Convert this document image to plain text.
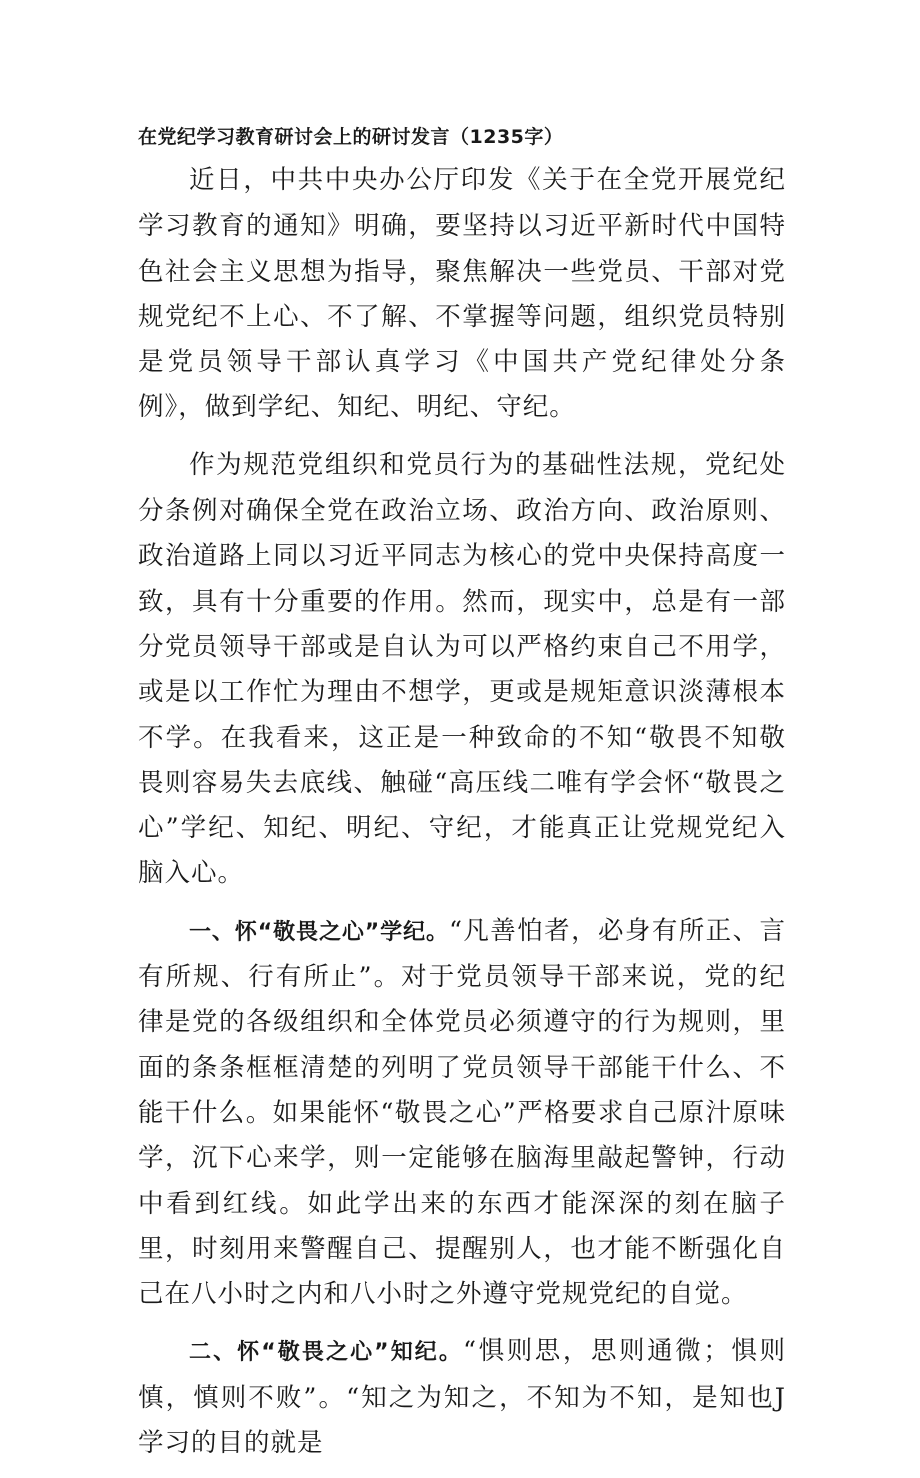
在党纪学习教育研讨会上的研讨发言（1235字）

近日，中共中央办公厅印发《关于在全党开展党纪学习教育的通知》明确，要坚持以习近平新时代中国特色社会主义思想为指导，聚焦解决一些党员、干部对党规党纪不上心、不了解、不掌握等问题，组织党员特别是党员领导干部认真学习《中国共产党纪律处分条例》，做到学纪、知纪、明纪、守纪。

作为规范党组织和党员行为的基础性法规，党纪处分条例对确保全党在政治立场、政治方向、政治原则、政治道路上同以习近平同志为核心的党中央保持高度一致，具有十分重要的作用。然而，现实中，总是有一部分党员领导干部或是自认为可以严格约束自己不用学，或是以工作忙为理由不想学，更或是规矩意识淡薄根本不学。在我看来，这正是一种致命的不知“敬畏不知敬畏则容易失去底线、触碰“高压线二唯有学会怀“敬畏之心”学纪、知纪、明纪、守纪，才能真正让党规党纪入脑入心。

一、怀“敬畏之心”学纪。“凡善怕者，必身有所正、言有所规、行有所止”。对于党员领导干部来说，党的纪律是党的各级组织和全体党员必须遵守的行为规则，里面的条条框框清楚的列明了党员领导干部能干什么、不能干什么。如果能怀“敬畏之心”严格要求自己原汁原味学，沉下心来学，则一定能够在脑海里敲起警钟，行动中看到红线。如此学出来的东西才能深深的刻在脑子里，时刻用来警醒自己、提醒别人，也才能不断强化自己在八小时之内和八小时之外遵守党规党纪的自觉。

二、怀“敬畏之心”知纪。“惧则思，思则通微；惧则慎，慎则不败”。“知之为知之，不知为不知，是知也J学习的目的就是
